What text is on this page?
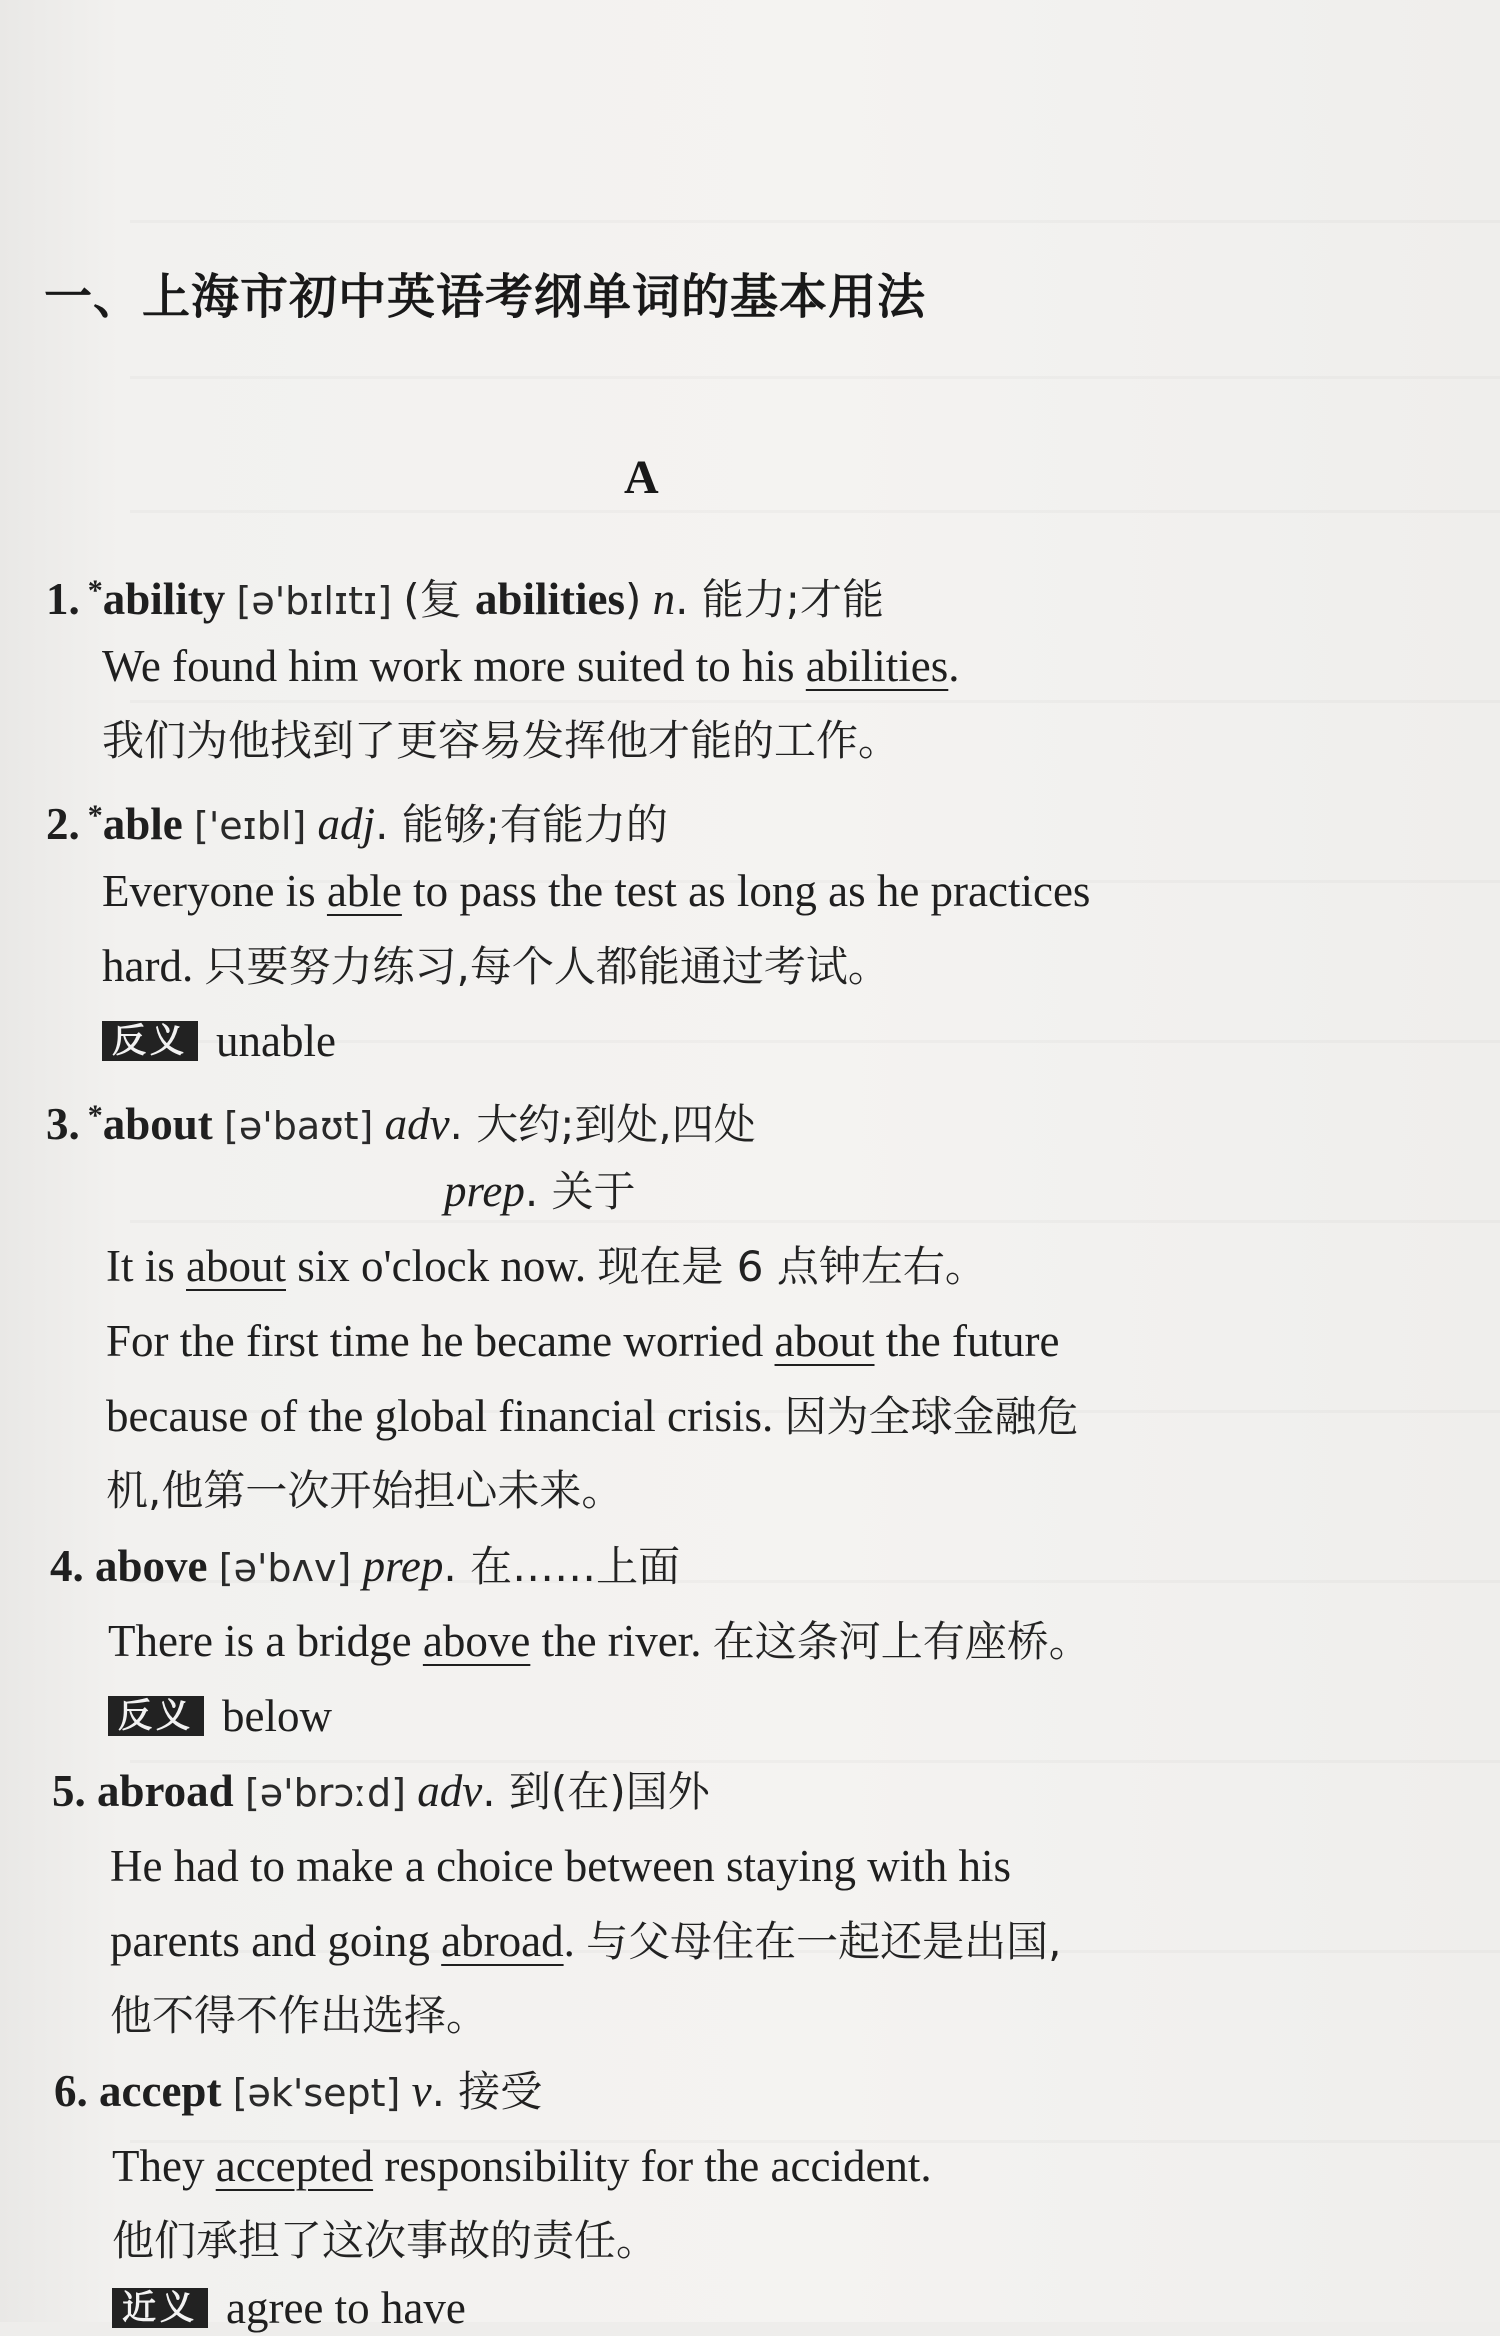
一、上海市初中英语考纲单词的基本用法
A
1. *ability [ə'bɪlɪtɪ] (复 abilities) n. 能力;才能
We found him work more suited to his abilities.
我们为他找到了更容易发挥他才能的工作。
2. *able ['eɪbl] adj. 能够;有能力的
Everyone is able to pass the test as long as he practices
hard. 只要努力练习,每个人都能通过考试。
反义 unable
3. *about [ə'baʊt] adv. 大约;到处,四处
prep. 关于
It is about six o'clock now. 现在是 6 点钟左右。
For the first time he became worried about the future
because of the global financial crisis. 因为全球金融危
机,他第一次开始担心未来。
4. above [ə'bʌv] prep. 在……上面
There is a bridge above the river. 在这条河上有座桥。
反义 below
5. abroad [ə'brɔːd] adv. 到(在)国外
He had to make a choice between staying with his
parents and going abroad. 与父母住在一起还是出国,
他不得不作出选择。
6. accept [ək'sept] v. 接受
They accepted responsibility for the accident.
他们承担了这次事故的责任。
近义 agree to have
